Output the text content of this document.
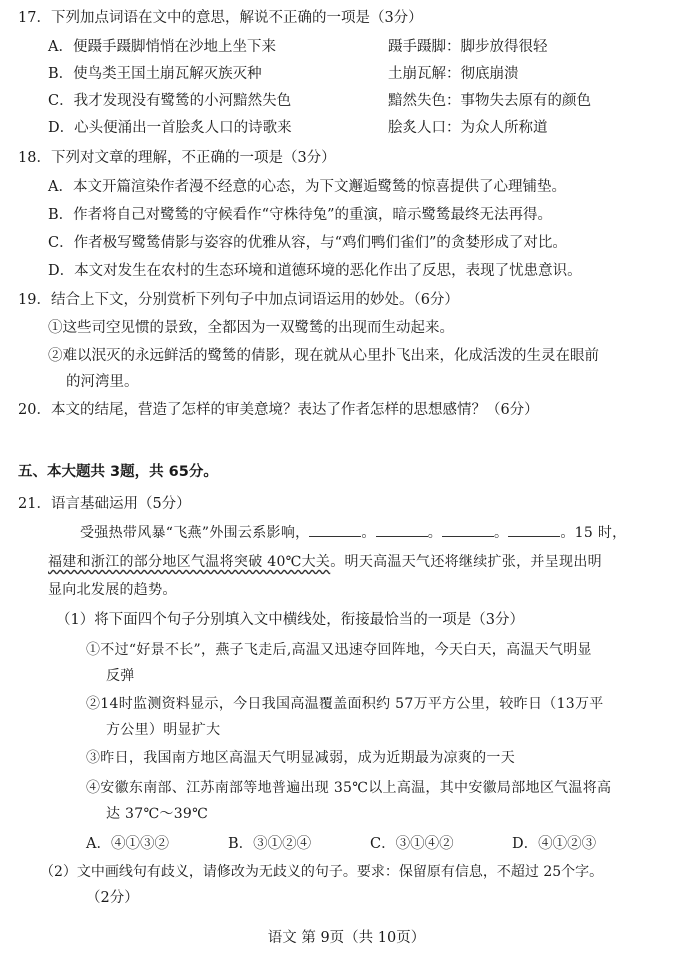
17．下列加点词语在文中的意思，解说不正确的一项是（3分）
A．便蹑手蹑脚悄悄在沙地上坐下来	蹑手蹑脚：脚步放得很轻
B．使鸟类王国土崩瓦解灭族灭种	土崩瓦解：彻底崩溃
C．我才发现没有鹭鸶的小河黯然失色	黯然失色：事物失去原有的颜色
D．心头便涌出一首脍炙人口的诗歌来	脍炙人口：为众人所称道
18．下列对文章的理解，不正确的一项是（3分）
A．本文开篇渲染作者漫不经意的心态，为下文邂逅鹭鸶的惊喜提供了心理铺垫。
B．作者将自己对鹭鸶的守候看作“守株待兔”的重演，暗示鹭鸶最终无法再得。
C．作者极写鹭鸶倩影与姿容的优雅从容，与“鸡们鸭们雀们”的贪婪形成了对比。
D．本文对发生在农村的生态环境和道德环境的恶化作出了反思，表现了忧患意识。
19．结合上下文，分别赏析下列句子中加点词语运用的妙处。（6分）
①这些司空见惯的景致，全都因为一双鹭鸶的出现而生动起来。
②难以泯灭的永远鲜活的鹭鸶的倩影，现在就从心里扑飞出来，化成活泼的生灵在眼前
的河湾里。
20．本文的结尾，营造了怎样的审美意境？表达了作者怎样的思想感情？（6分）
五、本大题共 3题，共 65分。
21．语言基础运用（5分）
受强热带风暴“飞燕”外围云系影响，	。	。	。	。15 时，
福建和浙江的部分地区气温将突破 40℃大关。明天高温天气还将继续扩张，并呈现出明
显向北发展的趋势。
（1）将下面四个句子分别填入文中横线处，衔接最恰当的一项是（3分）
①不过“好景不长”，燕子飞走后,高温又迅速夺回阵地，今天白天，高温天气明显
反弹
②14时监测资料显示，今日我国高温覆盖面积约 57万平方公里，较昨日（13万平
方公里）明显扩大
③昨日，我国南方地区高温天气明显减弱，成为近期最为凉爽的一天
④安徽东南部、江苏南部等地普遍出现 35℃以上高温，其中安徽局部地区气温将高
达 37℃～39℃
A．④①③②	B．③①②④	C．③①④②	D．④①②③
（2）文中画线句有歧义，请修改为无歧义的句子。要求：保留原有信息，不超过 25个字。
（2分）
语文 第 9页（共 10页）
